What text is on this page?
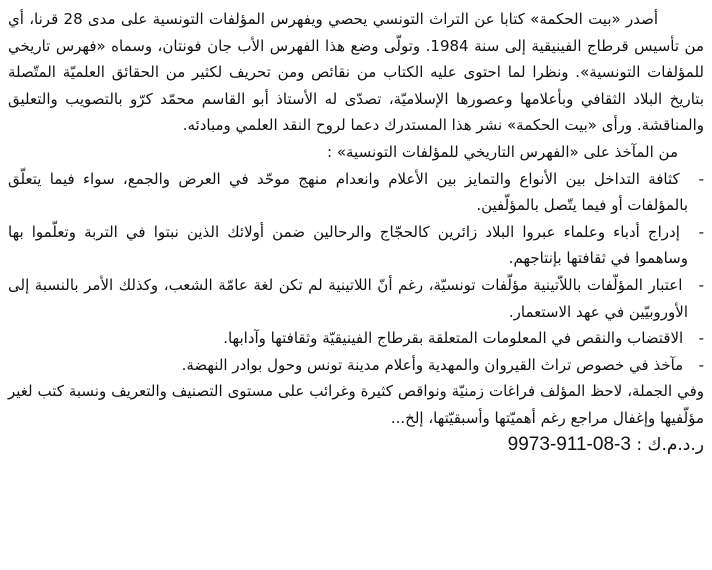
أصدر «بيت الحكمة» كتابا عن التراث التونسي يحصي ويفهرس المؤلفات التونسية على مدى 28 قرنا، أي من تأسيس قرطاج الفينيقية إلى سنة 1984. وتولّى وضع هذا الفهرس الأب جان فونتان، وسماه «فهرس تاريخي للمؤلفات التونسية». ونظرا لما احتوى عليه الكتاب من نقائص ومن تحريف لكثير من الحقائق العلميّة المتّصلة بتاريخ البلاد الثقافي وبأعلامها وعصورها الإسلاميّة، تصدّى له الأستاذ أبو القاسم محمّد كرّو بالتصويب والتعليق والمناقشة. ورأى «بيت الحكمة» نشر هذا المستدرك دعما لروح النقد العلمي ومبادئه.

من المآخذ على «الفهرس التاريخي للمؤلفات التونسية» :

- كثافة التداخل بين الأنواع والتمايز بين الأعلام وانعدام منهج موحّد في العرض والجمع، سواء فيما يتعلّق بالمؤلفات أو فيما يتّصل بالمؤلّفين.

- إدراج أدباء وعلماء عبروا البلاد زائرين كالحجّاج والرحالين ضمن أولائك الذين نبتوا في التربة وتعلّموا بها وساهموا في ثقافتها بإنتاجهم.

- اعتبار المؤلّفات باللاّتينية مؤلّفات تونسيّة، رغم أنّ اللاتينية لم تكن لغة عامّة الشعب، وكذلك الأمر بالنسبة إلى الأوروبيّين في عهد الاستعمار.

- الاقتضاب والنقص في المعلومات المتعلقة بقرطاج الفينيقيّة وثقافتها وآدابها.

- مآخذ في خصوص تراث القيروان والمهدية وأعلام مدينة تونس وحول بوادر النهضة.

وفي الجملة، لاحظ المؤلف فراغات زمنيّة ونواقص كثيرة وغرائب على مستوى التصنيف والتعريف ونسبة كتب لغير مؤلّفيها وإغفال مراجع رغم أهميّتها وأسبقيّتها، إلخ...

ر.د.م.ك : 9973-911-08-3
